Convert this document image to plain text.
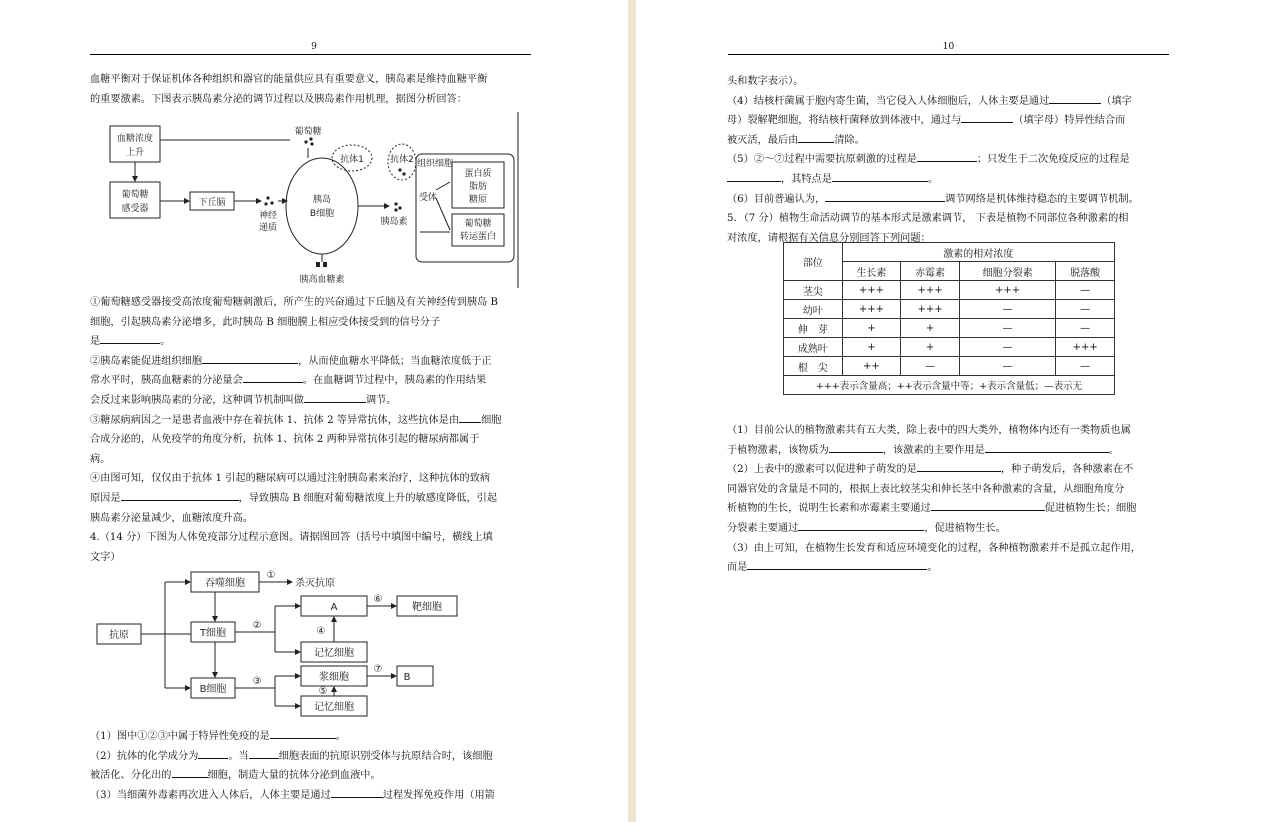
9

血糖平衡对于保证机体各种组织和器官的能量供应具有重要意义，胰岛素是维持血糖平衡

的重要激素。下图表示胰岛素分泌的调节过程以及胰岛素作用机理，据图分析回答：

血糖浓度
上升
葡萄糖
感受器
下丘脑
神经
递质
胰岛
B细胞
葡萄糖
抗体1	抗体2
胰岛素
受体
组织细胞
蛋白质
脂肪
糖原
葡萄糖
转运蛋白
胰高血糖素

①葡萄糖感受器接受高浓度葡萄糖刺激后，所产生的兴奋通过下丘脑及有关神经传到胰岛 B

细胞，引起胰岛素分泌增多，此时胰岛 B 细胞膜上相应受体接受到的信号分子

是	。

②胰岛素能促进组织细胞	，从而使血糖水平降低；当血糖浓度低于正

常水平时，胰高血糖素的分泌量会	。在血糖调节过程中，胰岛素的作用结果

会反过来影响胰岛素的分泌，这种调节机制叫做	调节。

③糖尿病病因之一是患者血液中存在着抗体 1、抗体 2 等异常抗体，这些抗体是由 细胞

合成分泌的，从免疫学的角度分析，抗体 1、抗体 2 两种异常抗体引起的糖尿病都属于

病。

④由图可知，仅仅由于抗体 1 引起的糖尿病可以通过注射胰岛素来治疗，这种抗体的致病

原因是	，导致胰岛 B 细胞对葡萄糖浓度上升的敏感度降低，引起

胰岛素分泌量减少，血糖浓度升高。

4.（14 分）下图为人体免疫部分过程示意图。请据图回答（括号中填图中编号，横线上填

文字）

抗原
吞噬细胞	杀灭抗原
T细胞
B细胞
A	靶细胞
记忆细胞
浆细胞	B
记忆细胞
①
②
③
④
⑤
⑥
⑦

（1）图中①②③中属于特异性免疫的是	。

（2）抗体的化学成分为	。当	细胞表面的抗原识别受体与抗原结合时，该细胞

被活化、分化出的	细胞，制造大量的抗体分泌到血液中。

（3）当细菌外毒素再次进入人体后，人体主要是通过	过程发挥免疫作用（用箭

10

头和数字表示）。

（4）结核杆菌属于胞内寄生菌，当它侵入人体细胞后，人体主要是通过	（填字

母）裂解靶细胞，将结核杆菌释放到体液中，通过与	（填字母）特异性结合而

被灭活，最后由	清除。

（5）②～⑦过程中需要抗原刺激的过程是	；只发生于二次免疫反应的过程是

，其特点是	。

（6）目前普遍认为，	调节网络是机体维持稳态的主要调节机制。

5．（7 分）植物生命活动调节的基本形式是激素调节， 下表是植物不同部位各种激素的相

对浓度，请根据有关信息分别回答下列问题：

部位	激素的相对浓度			
	生长素	赤霉素	细胞分裂素	脱落酸
茎尖	+++	+++	+++	—
幼叶	+++	+++	—	—
伸　芽	+	+	—	—
成熟叶	+	+	—	+++
根　尖	++	—	—	—
+++表示含量高；++表示含量中等；+表示含量低；—表示无				

（1）目前公认的植物激素共有五大类，除上表中的四大类外，植物体内还有一类物质也属

于植物激素，该物质为	，该激素的主要作用是	。

（2）上表中的激素可以促进种子萌发的是	，种子萌发后，各种激素在不

同器官处的含量是不同的，根据上表比较茎尖和伸长茎中各种激素的含量，从细胞角度分

析植物的生长，说明生长素和赤霉素主要通过	促进植物生长；细胞

分裂素主要通过	，促进植物生长。

（3）由上可知，在植物生长发育和适应环境变化的过程，各种植物激素并不是孤立起作用，

而是	。
